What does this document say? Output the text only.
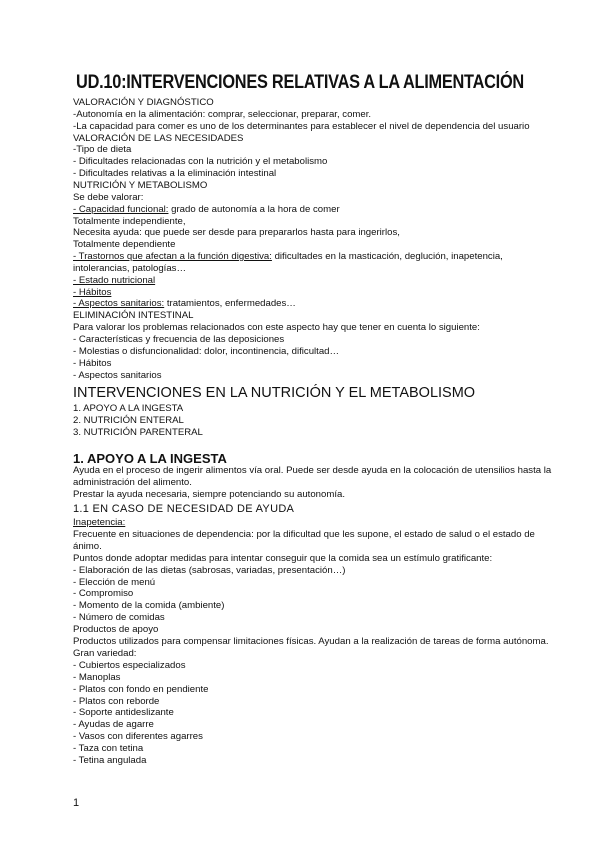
UD.10:INTERVENCIONES RELATIVAS A LA ALIMENTACIÓN
VALORACIÓN Y DIAGNÓSTICO
-Autonomía en la alimentación: comprar, seleccionar, preparar, comer.
-La capacidad para comer es uno de los determinantes para establecer el nivel de dependencia del usuario
VALORACIÓN DE LAS NECESIDADES
-Tipo de dieta
- Dificultades relacionadas con la nutrición y el metabolismo
- Dificultades relativas a la eliminación intestinal
NUTRICIÓN Y METABOLISMO
Se debe valorar:
- Capacidad funcional: grado de autonomía a la hora de comer
Totalmente independiente,
Necesita ayuda: que puede ser desde para prepararlos hasta para ingerirlos,
Totalmente dependiente
- Trastornos que afectan a la función digestiva: dificultades en la masticación, deglución, inapetencia,
intolerancias, patologías…
- Estado nutricional
- Hábitos
- Aspectos sanitarios: tratamientos, enfermedades…
ELIMINACIÓN INTESTINAL
Para valorar los problemas relacionados con este aspecto hay que tener en cuenta lo siguiente:
- Características y frecuencia de las deposiciones
- Molestias o disfuncionalidad: dolor, incontinencia, dificultad…
- Hábitos
- Aspectos sanitarios
INTERVENCIONES EN LA NUTRICIÓN Y EL METABOLISMO
1. APOYO A LA INGESTA
2. NUTRICIÓN ENTERAL
3. NUTRICIÓN PARENTERAL
1. APOYO A LA INGESTA
Ayuda en el proceso de ingerir alimentos vía oral. Puede ser desde ayuda en la colocación de utensilios hasta la
administración del alimento.
Prestar la ayuda necesaria, siempre potenciando su autonomía.
1.1 EN CASO DE NECESIDAD DE AYUDA
Inapetencia:
Frecuente en situaciones de dependencia: por la dificultad que les supone, el estado de salud o el estado de
ánimo.
Puntos donde adoptar medidas para intentar conseguir que la comida sea un estímulo gratificante:
- Elaboración de las dietas (sabrosas, variadas, presentación…)
- Elección de menú
- Compromiso
- Momento de la comida (ambiente)
- Número de comidas
Productos de apoyo
Productos utilizados para compensar limitaciones físicas. Ayudan a la realización de tareas de forma autónoma.
Gran variedad:
- Cubiertos especializados
- Manoplas
- Platos con fondo en pendiente
- Platos con reborde
- Soporte antideslizante
- Ayudas de agarre
- Vasos con diferentes agarres
- Taza con tetina
- Tetina angulada
1
